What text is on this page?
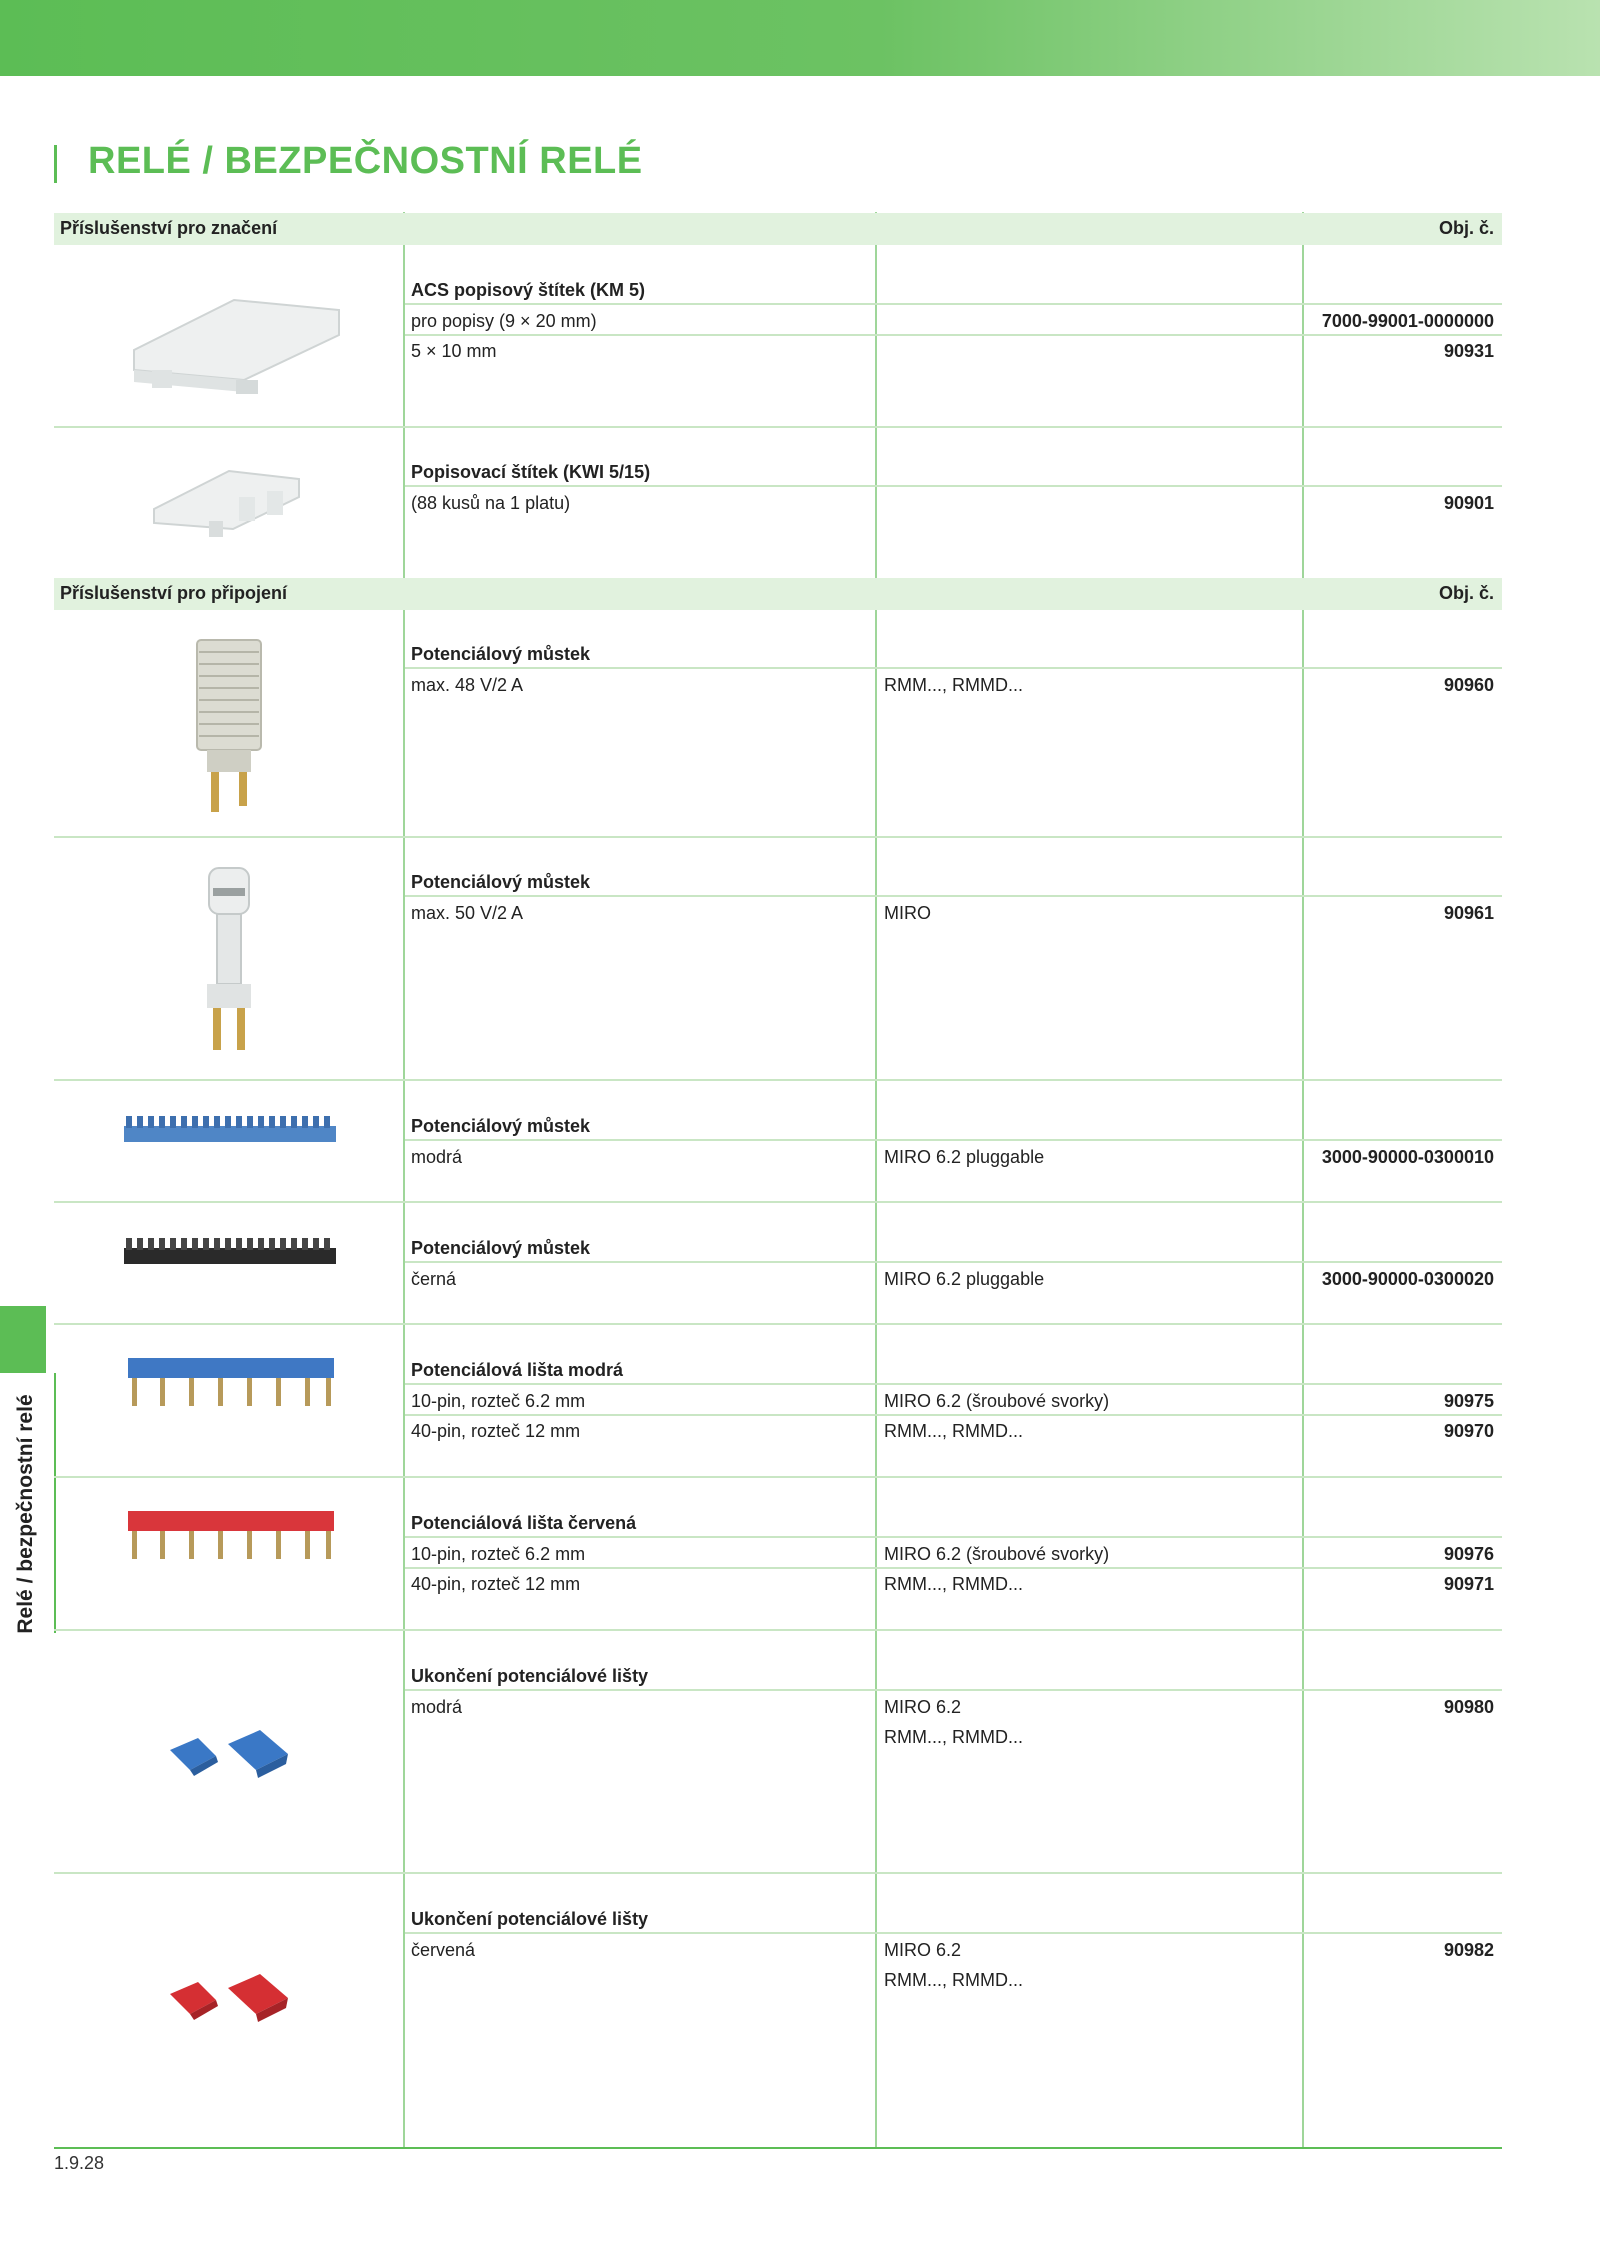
RELÉ / BEZPEČNOSTNÍ RELÉ
Relé / bezpečnostní relé
Příslušenství pro značení	Obj. č.
ACS popisový štítek (KM 5)
pro popisy (9 × 20 mm)	7000-99001-0000000
5 × 10 mm	90931
Popisovací štítek (KWI 5/15)
(88 kusů na 1 platu)	90901
Příslušenství pro připojení	Obj. č.
Potenciálový můstek
max. 48 V/2 A	RMM..., RMMD...	90960
Potenciálový můstek
max. 50 V/2 A	MIRO	90961
Potenciálový můstek
modrá	MIRO 6.2 pluggable	3000-90000-0300010
Potenciálový můstek
černá	MIRO 6.2 pluggable	3000-90000-0300020
Potenciálová lišta modrá
10-pin, rozteč 6.2 mm	MIRO 6.2 (šroubové svorky)	90975
40-pin, rozteč 12 mm	RMM..., RMMD...	90970
Potenciálová lišta červená
10-pin, rozteč 6.2 mm	MIRO 6.2 (šroubové svorky)	90976
40-pin, rozteč 12 mm	RMM..., RMMD...	90971
Ukončení potenciálové lišty
modrá	MIRO 6.2	90980
RMM..., RMMD...
Ukončení potenciálové lišty
červená	MIRO 6.2	90982
RMM..., RMMD...
1.9.28
